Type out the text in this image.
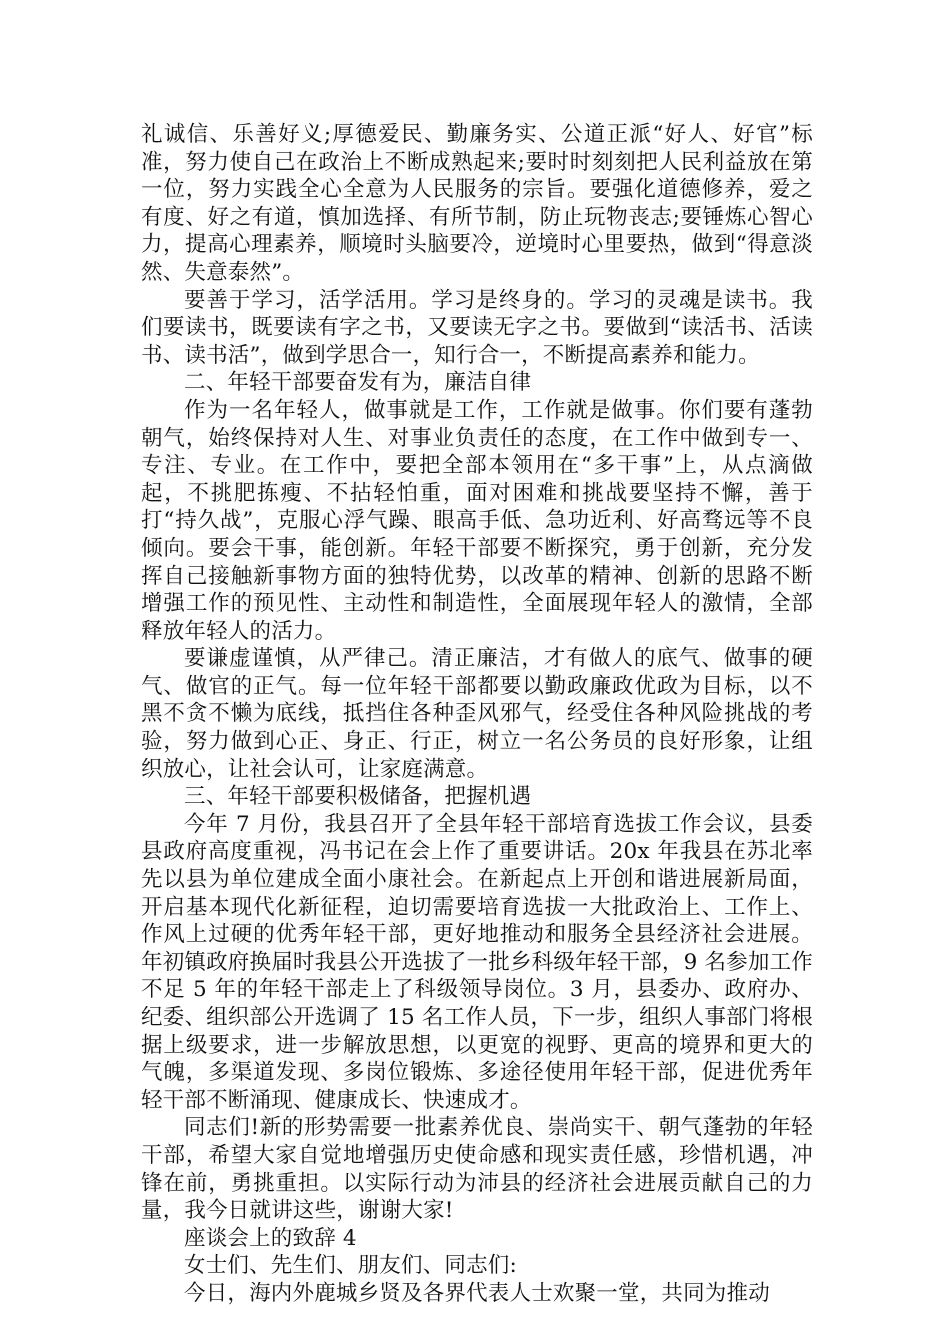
礼诚信、乐善好义;厚德爱民、勤廉务实、公道正派“好人、好官”标准，努力使自己在政治上不断成熟起来;要时时刻刻把人民利益放在第一位，努力实践全心全意为人民服务的宗旨。要强化道德修养，爱之有度、好之有道，慎加选择、有所节制，防止玩物丧志;要锤炼心智心力，提高心理素养，顺境时头脑要冷，逆境时心里要热，做到“得意淡然、失意泰然”。

要善于学习，活学活用。学习是终身的。学习的灵魂是读书。我们要读书，既要读有字之书，又要读无字之书。要做到“读活书、活读书、读书活”，做到学思合一，知行合一，不断提高素养和能力。

二、年轻干部要奋发有为，廉洁自律

作为一名年轻人，做事就是工作，工作就是做事。你们要有蓬勃朝气，始终保持对人生、对事业负责任的态度，在工作中做到专一、专注、专业。在工作中，要把全部本领用在“多干事”上，从点滴做起，不挑肥拣瘦、不拈轻怕重，面对困难和挑战要坚持不懈，善于打“持久战”，克服心浮气躁、眼高手低、急功近利、好高骛远等不良倾向。要会干事，能创新。年轻干部要不断探究，勇于创新，充分发挥自己接触新事物方面的独特优势，以改革的精神、创新的思路不断增强工作的预见性、主动性和制造性，全面展现年轻人的激情，全部释放年轻人的活力。

要谦虚谨慎，从严律己。清正廉洁，才有做人的底气、做事的硬气、做官的正气。每一位年轻干部都要以勤政廉政优政为目标，以不黑不贪不懒为底线，抵挡住各种歪风邪气，经受住各种风险挑战的考验，努力做到心正、身正、行正，树立一名公务员的良好形象，让组织放心，让社会认可，让家庭满意。

三、年轻干部要积极储备，把握机遇

今年 7 月份，我县召开了全县年轻干部培育选拔工作会议，县委县政府高度重视，冯书记在会上作了重要讲话。20x 年我县在苏北率先以县为单位建成全面小康社会。在新起点上开创和谐进展新局面，开启基本现代化新征程，迫切需要培育选拔一大批政治上、工作上、作风上过硬的优秀年轻干部，更好地推动和服务全县经济社会进展。年初镇政府换届时我县公开选拔了一批乡科级年轻干部，9 名参加工作不足 5 年的年轻干部走上了科级领导岗位。3 月，县委办、政府办、纪委、组织部公开选调了 15 名工作人员，下一步，组织人事部门将根据上级要求，进一步解放思想，以更宽的视野、更高的境界和更大的气魄，多渠道发现、多岗位锻炼、多途径使用年轻干部，促进优秀年轻干部不断涌现、健康成长、快速成才。

同志们!新的形势需要一批素养优良、崇尚实干、朝气蓬勃的年轻干部，希望大家自觉地增强历史使命感和现实责任感，珍惜机遇，冲锋在前，勇挑重担。以实际行动为沛县的经济社会进展贡献自己的力量，我今日就讲这些，谢谢大家!

座谈会上的致辞 4

女士们、先生们、朋友们、同志们:

今日，海内外鹿城乡贤及各界代表人士欢聚一堂，共同为推动
